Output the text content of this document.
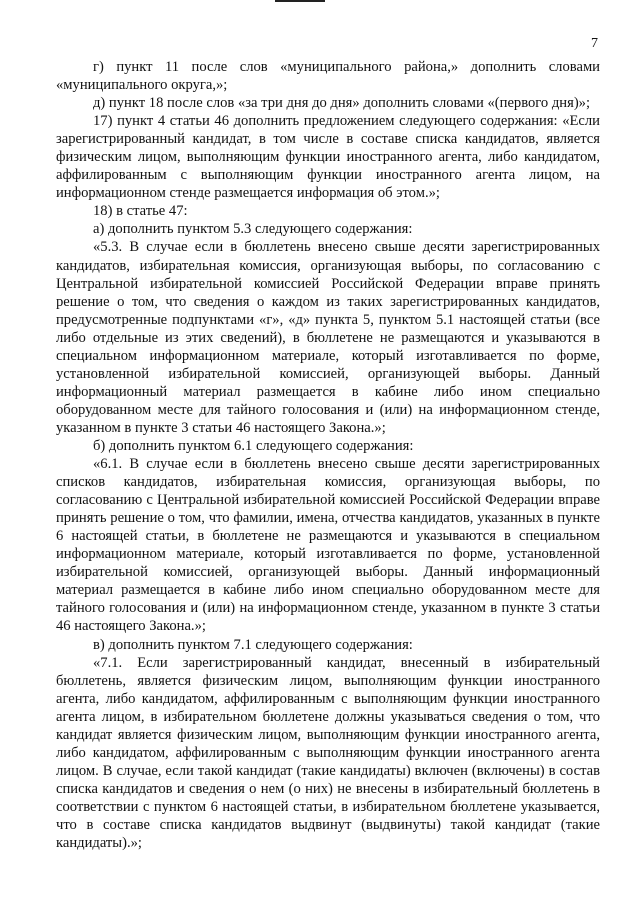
7

г) пункт 11 после слов «муниципального района,» дополнить словами «муниципального округа,»;

д) пункт 18 после слов «за три дня до дня» дополнить словами «(первого дня)»;

17) пункт 4 статьи 46 дополнить предложением следующего содержания: «Если зарегистрированный кандидат, в том числе в составе списка кандидатов, является физическим лицом, выполняющим функции иностранного агента, либо кандидатом, аффилированным с выполняющим функции иностранного агента лицом, на информационном стенде размещается информация об этом.»;

18) в статье 47:

а) дополнить пунктом 5.3 следующего содержания:

«5.3. В случае если в бюллетень внесено свыше десяти зарегистрированных кандидатов, избирательная комиссия, организующая выборы, по согласованию с Центральной избирательной комиссией Российской Федерации вправе принять решение о том, что сведения о каждом из таких зарегистрированных кандидатов, предусмотренные подпунктами «г», «д» пункта 5, пунктом 5.1 настоящей статьи (все либо отдельные из этих сведений), в бюллетене не размещаются и указываются в специальном информационном материале, который изготавливается по форме, установленной избирательной комиссией, организующей выборы. Данный информационный материал размещается в кабине либо ином специально оборудованном месте для тайного голосования и (или) на информационном стенде, указанном в пункте 3 статьи 46 настоящего Закона.»;

б) дополнить пунктом 6.1 следующего содержания:

«6.1. В случае если в бюллетень внесено свыше десяти зарегистрированных списков кандидатов, избирательная комиссия, организующая выборы, по согласованию с Центральной избирательной комиссией Российской Федерации вправе принять решение о том, что фамилии, имена, отчества кандидатов, указанных в пункте 6 настоящей статьи, в бюллетене не размещаются и указываются в специальном информационном материале, который изготавливается по форме, установленной избирательной комиссией, организующей выборы. Данный информационный материал размещается в кабине либо ином специально оборудованном месте для тайного голосования и (или) на информационном стенде, указанном в пункте 3 статьи 46 настоящего Закона.»;

в) дополнить пунктом 7.1 следующего содержания:

«7.1. Если зарегистрированный кандидат, внесенный в избирательный бюллетень, является физическим лицом, выполняющим функции иностранного агента, либо кандидатом, аффилированным с выполняющим функции иностранного агента лицом, в избирательном бюллетене должны указываться сведения о том, что кандидат является физическим лицом, выполняющим функции иностранного агента, либо кандидатом, аффилированным с выполняющим функции иностранного агента лицом. В случае, если такой кандидат (такие кандидаты) включен (включены) в состав списка кандидатов и сведения о нем (о них) не внесены в избирательный бюллетень в соответствии с пунктом 6 настоящей статьи, в избирательном бюллетене указывается, что в составе списка кандидатов выдвинут (выдвинуты) такой кандидат (такие кандидаты).»;
